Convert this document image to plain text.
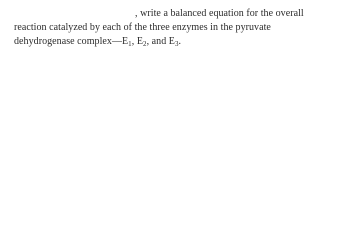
, write a balanced equation for the overall
reaction catalyzed by each of the three enzymes in the pyruvate
dehydrogenase $complex—E_1$, $E_2$, and $E_3$.
